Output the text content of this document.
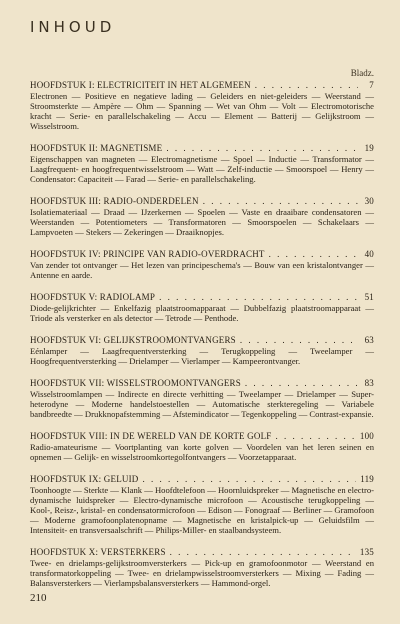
INHOUD
Bladz.
HOOFDSTUK I: ELECTRICITEIT IN HET ALGEMEEN . . .	7
Electronen — Positieve en negatieve lading — Geleiders en niet-geleiders — Weerstand — Stroomsterkte — Ampère — Ohm — Spanning — Wet van Ohm — Volt — Electromotorische kracht — Serie- en parallelschakeling — Accu — Element — Batterij — Gelijkstroom — Wisselstroom.
HOOFDSTUK II: MAGNETISME . . .	19
Eigenschappen van magneten — Electromagnetisme — Spoel — Inductie — Transformator — Laagfrequent- en hoogfrequentwisselstroom — Watt — Zelf-inductie — Smoorspoel — Henry — Condensator: Capaciteit — Farad — Serie- en parallelschakeling.
HOOFDSTUK III: RADIO-ONDERDELEN . . .	30
Isolatiemateriaal — Draad — IJzerkernen — Spoelen — Vaste en draaibare condensatoren — Weerstanden — Potentiometers — Transformatoren — Smoorspoelen — Schakelaars — Lampvoeten — Stekers — Zekeringen — Draaiknopjes.
HOOFDSTUK IV: PRINCIPE VAN RADIO-OVERDRACHT . . .	40
Van zender tot ontvanger — Het lezen van principeschema's — Bouw van een kristalontvanger — Antenne en aarde.
HOOFDSTUK V: RADIOLAMP . . .	51
Diode-gelijkrichter — Enkelfazig plaatstroomapparaat — Dubbelfazig plaatstroomapparaat — Triode als versterker en als detector — Tetrode — Penthode.
HOOFDSTUK VI: GELIJKSTROOMONTVANGERS . . .	63
Eénlamper — Laagfrequentversterking — Terugkoppeling — Tweelamper — Hoogfrequentversterking — Drielamper — Vierlamper — Kampeerontvanger.
HOOFDSTUK VII: WISSELSTROOMONTVANGERS . . .	83
Wisselstroomlampen — Indirecte en directe verhitting — Tweelamper — Drielamper — Super-heterodyne — Moderne handelstoestellen — Automatische sterkteregeling — Variabele bandbreedte — Drukknopafstemming — Afstemindicator — Tegenkoppeling — Contrast-expansie.
HOOFDSTUK VIII: IN DE WERELD VAN DE KORTE GOLF . . .	100
Radio-amateurisme — Voortplanting van korte golven — Voordelen van het leren seinen en opnemen — Gelijk- en wisselstroomkortegolfontvangers — Voorzetapparaat.
HOOFDSTUK IX: GELUID . . .	119
Toonhoogte — Sterkte — Klank — Hoofdtelefoon — Hoornluidspreker — Magnetische en electro-dynamische luidspreker — Electro-dynamische microfoon — Acoustische terugkoppeling — Kool-, Reisz-, kristal- en condensatormicrofoon — Edison — Fonograaf — Berliner — Gramofoon — Moderne gramofoonplatenopname — Magnetische en kristalpick-up — Geluidsfilm — Intensiteit- en transversaalschrift — Philips-Miller- en staalbandsysteem.
HOOFDSTUK X: VERSTERKERS . . .	135
Twee- en drielamps-gelijkstroomversterkers — Pick-up en gramofoonmotor — Weerstand en transformatorkoppeling — Twee- en drielampwisselstroomversterkers — Mixing — Fading — Balansversterkers — Vierlampsbalansversterkers — Hammond-orgel.
210
